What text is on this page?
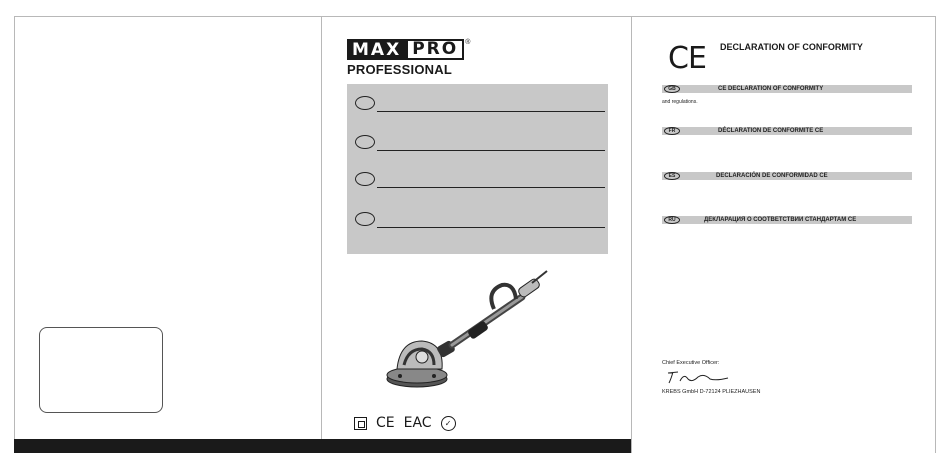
MAX PRO	®
PROFESSIONAL
CE EAC	✓
CE DECLARATION OF CONFORMITY
GB	CE DECLARATION OF CONFORMITY
and regulations.
FR	DÉCLARATION DE CONFORMITE CE
ES	DECLARACIÓN DE CONFORMIDAD CE
RU	ДЕКЛАРАЦИЯ О СООТВЕТСТВИИ СТАНДАРТАМ CE
Chief Executive Officer:
KREBS GmbH D-72124 PLIEZHAUSEN
